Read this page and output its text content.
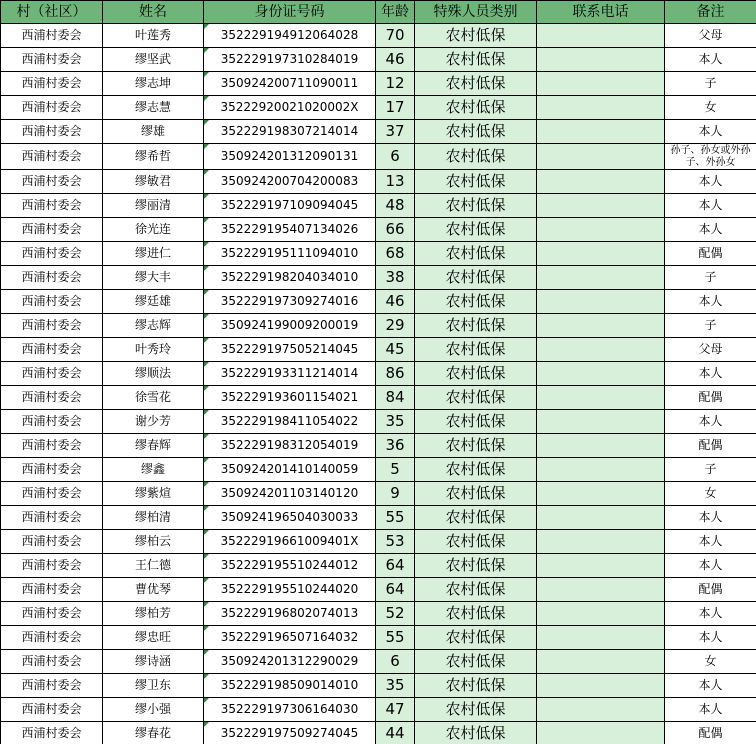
村（社区）	姓名	身份证号码	年龄	特殊人员类别	联系电话	备注
西浦村委会	叶莲秀	352229194912064028	70	农村低保		父母
西浦村委会	缪坚武	352229197310284019	46	农村低保		本人
西浦村委会	缪志坤	350924200711090011	12	农村低保		子
西浦村委会	缪志慧	35222920021020002X	17	农村低保		女
西浦村委会	缪雄	352229198307214014	37	农村低保		本人
西浦村委会	缪希哲	350924201312090131	6	农村低保		孙子、孙女或外孙子、外孙女
西浦村委会	缪敏君	350924200704200083	13	农村低保		本人
西浦村委会	缪丽清	352229197109094045	48	农村低保		本人
西浦村委会	徐光连	352229195407134026	66	农村低保		本人
西浦村委会	缪进仁	352229195111094010	68	农村低保		配偶
西浦村委会	缪大丰	352229198204034010	38	农村低保		子
西浦村委会	缪廷雄	352229197309274016	46	农村低保		本人
西浦村委会	缪志辉	350924199009200019	29	农村低保		子
西浦村委会	叶秀玲	352229197505214045	45	农村低保		父母
西浦村委会	缪顺法	352229193311214014	86	农村低保		本人
西浦村委会	徐雪花	352229193601154021	84	农村低保		配偶
西浦村委会	谢少芳	352229198411054022	35	农村低保		本人
西浦村委会	缪春辉	352229198312054019	36	农村低保		配偶
西浦村委会	缪鑫	350924201410140059	5	农村低保		子
西浦村委会	缪紫煊	350924201103140120	9	农村低保		女
西浦村委会	缪柏清	350924196504030033	55	农村低保		本人
西浦村委会	缪柏云	35222919661009401X	53	农村低保		本人
西浦村委会	王仁德	352229195510244012	64	农村低保		本人
西浦村委会	曹优琴	352229195510244020	64	农村低保		配偶
西浦村委会	缪柏芳	352229196802074013	52	农村低保		本人
西浦村委会	缪忠旺	352229196507164032	55	农村低保		本人
西浦村委会	缪诗涵	350924201312290029	6	农村低保		女
西浦村委会	缪卫东	352229198509014010	35	农村低保		本人
西浦村委会	缪小强	352229197306164030	47	农村低保		本人
西浦村委会	缪春花	352229197509274045	44	农村低保		配偶
